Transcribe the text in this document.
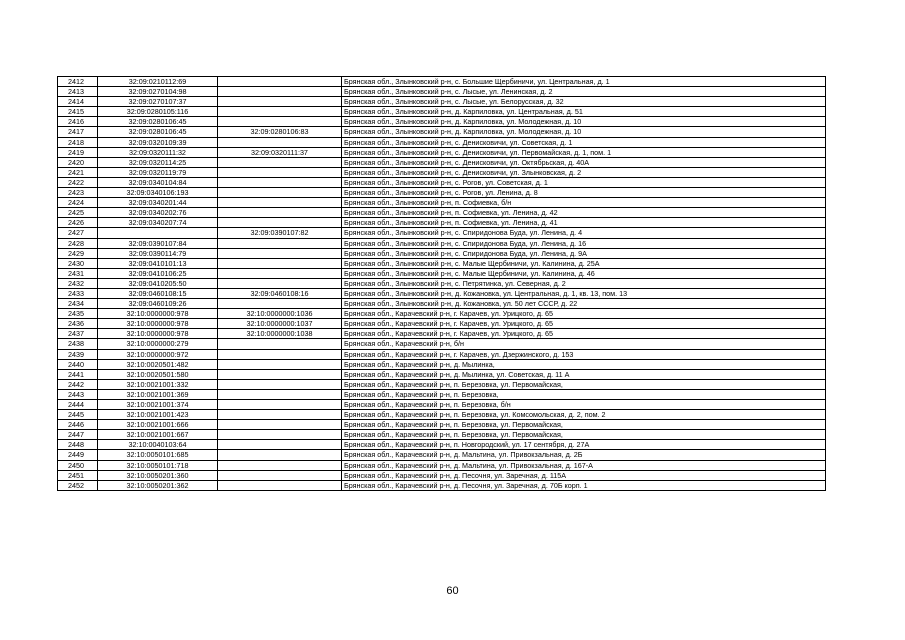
2412	32:09:0210112:69		Брянская обл., Злынковский р-н, с. Большие Щербиничи, ул. Центральная, д. 1
2413	32:09:0270104:98		Брянская обл., Злынковский р-н, с. Лысые, ул. Ленинская, д. 2
2414	32:09:0270107:37		Брянская обл., Злынковский р-н, с. Лысые, ул. Белорусская, д. 32
2415	32:09:0280105:116		Брянская обл., Злынковский р-н, д. Карпиловка, ул. Центральная, д. 51
2416	32:09:0280106:45		Брянская обл., Злынковский р-н, д. Карпиловка, ул. Молодежная, д. 10
2417	32:09:0280106:45	32:09:0280106:83	Брянская обл., Злынковский р-н, д. Карпиловка, ул. Молодежная, д. 10
2418	32:09:0320109:39		Брянская обл., Злынковский р-н, с. Денисковичи, ул. Советская, д. 1
2419	32:09:0320111:32	32:09:0320111:37	Брянская обл., Злынковский р-н, с. Денисковичи, ул. Первомайская, д. 1, пом. 1
2420	32:09:0320114:25		Брянская обл., Злынковский р-н, с. Денисковичи, ул. Октябрьская, д. 40А
2421	32:09:0320119:79		Брянская обл., Злынковский р-н, с. Денисковичи, ул. Злынковская, д. 2
2422	32:09:0340104:84		Брянская обл., Злынковский р-н, с. Рогов, ул. Советская, д. 1
2423	32:09:0340106:193		Брянская обл., Злынковский р-н, с. Рогов, ул. Ленина, д. 8
2424	32:09:0340201:44		Брянская обл., Злынковский р-н, п. Софиевка, б/н
2425	32:09:0340202:76		Брянская обл., Злынковский р-н, п. Софиевка, ул. Ленина, д. 42
2426	32:09:0340207:74		Брянская обл., Злынковский р-н, п. Софиевка, ул. Ленина, д. 41
2427		32:09:0390107:82	Брянская обл., Злынковский р-н, с. Спиридонова Буда, ул. Ленина, д. 4
2428	32:09:0390107:84		Брянская обл., Злынковский р-н, с. Спиридонова Буда, ул. Ленина, д. 16
2429	32:09:0390114:79		Брянская обл., Злынковский р-н, с. Спиридонова Буда, ул. Ленина, д. 9А
2430	32:09:0410101:13		Брянская обл., Злынковский р-н, с. Малые Щербиничи, ул. Калинина, д. 25А
2431	32:09:0410106:25		Брянская обл., Злынковский р-н, с. Малые Щербиничи, ул. Калинина, д. 46
2432	32:09:0410205:50		Брянская обл., Злынковский р-н, с. Петрятинка, ул. Северная, д. 2
2433	32:09:0460108:15	32:09:0460108:16	Брянская обл., Злынковский р-н, д. Кожановка, ул. Центральная, д. 1, кв. 13, пом. 13
2434	32:09:0460109:26		Брянская обл., Злынковский р-н, д. Кожановка, ул. 50 лет СССР, д. 22
2435	32:10:0000000:978	32:10:0000000:1036	Брянская обл., Карачевский р-н, г. Карачев, ул. Урицкого, д. 65
2436	32:10:0000000:978	32:10:0000000:1037	Брянская обл., Карачевский р-н, г. Карачев, ул. Урицкого, д. 65
2437	32:10:0000000:978	32:10:0000000:1038	Брянская обл., Карачевский р-н, г. Карачев, ул. Урицкого, д. 65
2438	32:10:0000000:279		Брянская обл., Карачевский р-н, б/н
2439	32:10:0000000:972		Брянская обл., Карачевский р-н, г. Карачев, ул. Дзержинского, д. 153
2440	32:10:0020501:482		Брянская обл., Карачевский р-н, д. Мылинка,
2441	32:10:0020501:580		Брянская обл., Карачевский р-н, д. Мылинка, ул. Советская, д. 11 А
2442	32:10:0021001:332		Брянская обл., Карачевский р-н, п. Березовка, ул. Первомайская,
2443	32:10:0021001:369		Брянская обл., Карачевский р-н, п. Березовка,
2444	32:10:0021001:374		Брянская обл., Карачевский р-н, п. Березовка, б/н
2445	32:10:0021001:423		Брянская обл., Карачевский р-н, п. Березовка, ул. Комсомольская, д. 2, пом. 2
2446	32:10:0021001:666		Брянская обл., Карачевский р-н, п. Березовка, ул. Первомайская,
2447	32:10:0021001:667		Брянская обл., Карачевский р-н, п. Березовка, ул. Первомайская,
2448	32:10:0040103:64		Брянская обл., Карачевский р-н, п. Новгородский, ул. 17 сентября, д. 27А
2449	32:10:0050101:685		Брянская обл., Карачевский р-н, д. Мальтина, ул. Привокзальная, д. 2Б
2450	32:10:0050101:718		Брянская обл., Карачевский р-н, д. Мальтина, ул. Привокзальная, д. 167-А
2451	32:10:0050201:360		Брянская обл., Карачевский р-н, д. Песочня, ул. Заречная, д. 115А
2452	32:10:0050201:362		Брянская обл., Карачевский р-н, д. Песочня, ул. Заречная, д. 70Б корп. 1
60
